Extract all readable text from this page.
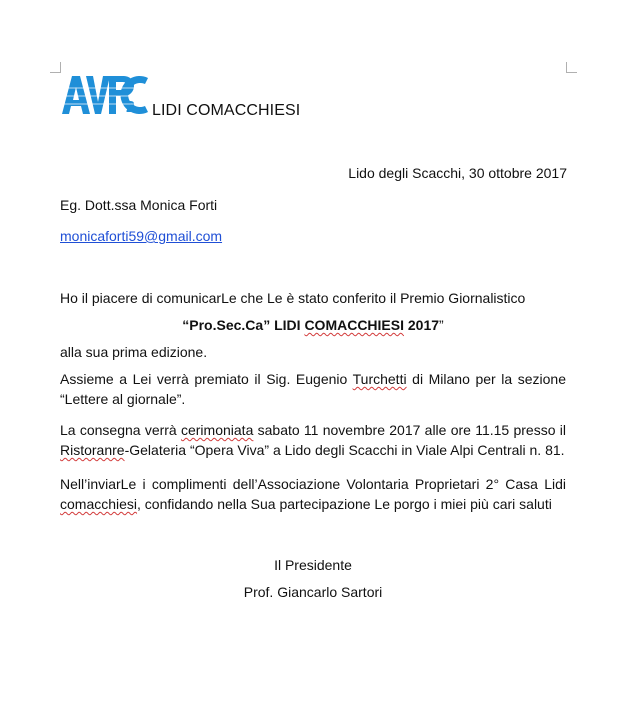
2 LIDI COMACCHIESI
Lido degli Scacchi, 30 ottobre 2017
Eg. Dott.ssa Monica Forti
monicaforti59@gmail.com
Ho il piacere di comunicarLe che Le è stato conferito il Premio Giornalistico
“Pro.Sec.Ca” LIDI COMACCHIESI 2017”
alla sua prima edizione.
Assieme a Lei verrà premiato il Sig. Eugenio Turchetti di Milano per la sezione “Lettere al giornale”.
La consegna verrà cerimoniata sabato 11 novembre 2017 alle ore 11.15 presso il Ristoranre-Gelateria “Opera Viva” a Lido degli Scacchi in Viale Alpi Centrali n. 81.
Nell’inviarLe i complimenti dell’Associazione Volontaria Proprietari 2° Casa Lidi comacchiesi, confidando nella Sua partecipazione Le porgo i miei più cari saluti
Il Presidente
Prof. Giancarlo Sartori
